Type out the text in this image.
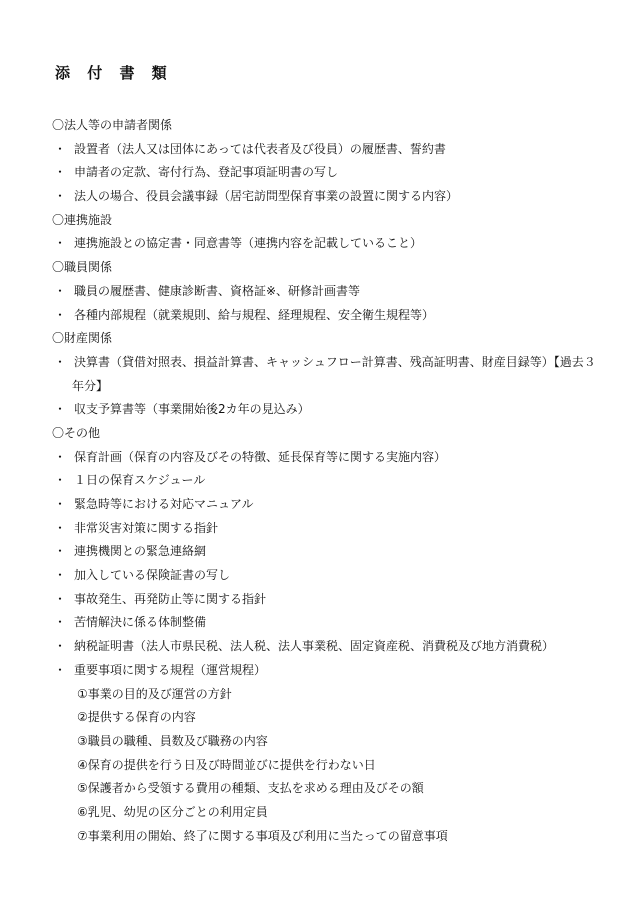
添 付 書 類
〇法人等の申請者関係
・ 設置者（法人又は団体にあっては代表者及び役員）の履歴書、誓約書
・ 申請者の定款、寄付行為、登記事項証明書の写し
・ 法人の場合、役員会議事録（居宅訪問型保育事業の設置に関する内容）
〇連携施設
・ 連携施設との協定書・同意書等（連携内容を記載していること）
〇職員関係
・ 職員の履歴書、健康診断書、資格証※、研修計画書等
・ 各種内部規程（就業規則、給与規程、経理規程、安全衛生規程等）
〇財産関係
・ 決算書（貸借対照表、損益計算書、キャッシュフロー計算書、残高証明書、財産目録等）【過去３
年分】
・ 収支予算書等（事業開始後2カ年の見込み）
〇その他
・ 保育計画（保育の内容及びその特徴、延長保育等に関する実施内容）
・ １日の保育スケジュール
・ 緊急時等における対応マニュアル
・ 非常災害対策に関する指針
・ 連携機関との緊急連絡網
・ 加入している保険証書の写し
・ 事故発生、再発防止等に関する指針
・ 苦情解決に係る体制整備
・ 納税証明書（法人市県民税、法人税、法人事業税、固定資産税、消費税及び地方消費税）
・ 重要事項に関する規程（運営規程）
①事業の目的及び運営の方針
②提供する保育の内容
③職員の職種、員数及び職務の内容
④保育の提供を行う日及び時間並びに提供を行わない日
⑤保護者から受領する費用の種類、支払を求める理由及びその額
⑥乳児、幼児の区分ごとの利用定員
⑦事業利用の開始、終了に関する事項及び利用に当たっての留意事項
